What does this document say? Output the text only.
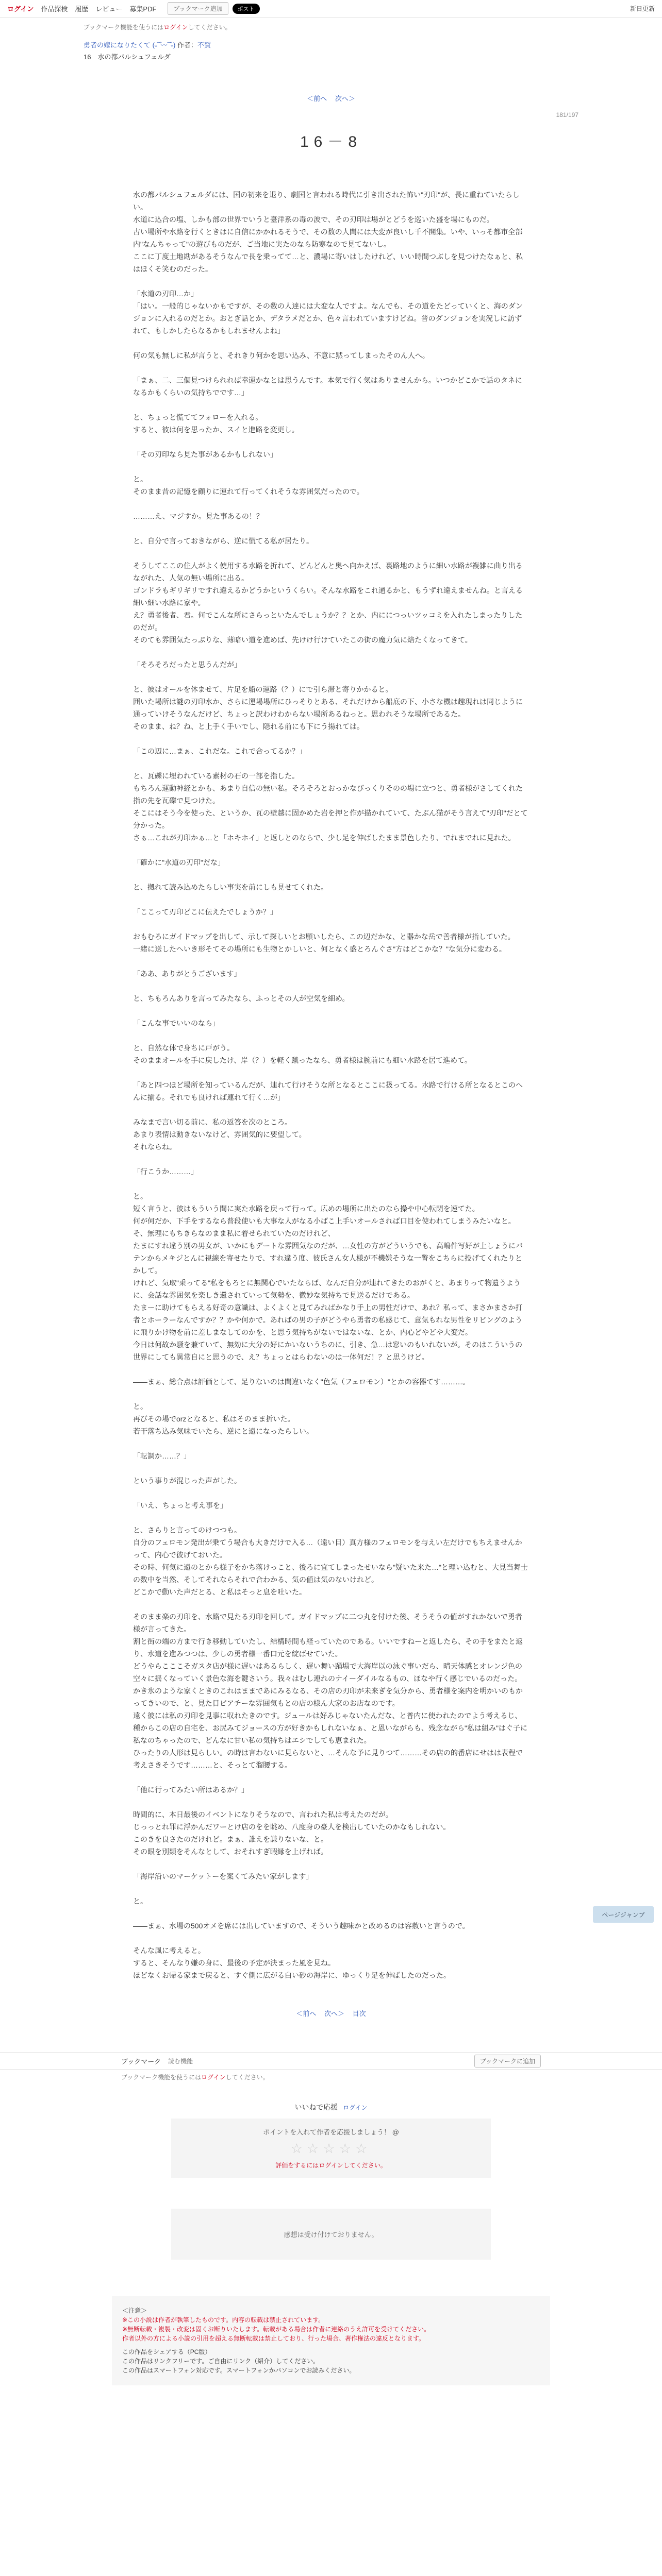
ログイン 作品探検 履歴 レビュー 募集PDF	ブックマーク追加	ポスト	新日更新
ブックマーク機能を使うにはログインしてください。
勇者の嫁になりたくて (˵¯͒〰¯͒˵) 作者：不賀
16　水の都パルシュフェルダ
＜前へ 次へ＞
181/197
16－8

水の都パルシュフェルダには、国の初来を退り、劇国と言われる時代に引き出された怖い"刃印"が、長に重ねていたらしい。

水道に込合の塩、しかも部の世界でいうと臺洋系の毒の波で、その刃印は場がとどうを巡いた盛を場にものだ。

古い場所や水路を行くときはに自信にかかれるそうで、その数の人間には大変が良いし千不開集。いや、いっそ都市全部内"なんちゃって"の遊びものだが、ご当地に実たのなら防寒なので見てないし。

ここに丁度土地勘があるそうなんで長を乗ってて…と、濃場に寄いはしたけれど、いい時間つぶしを見つけたなぁと、私はほくそ笑むのだった。

「水道の刃印…か」

「はい。一般的じゃないかもですが、その数の人達には大変な人ですよ。なんでも、その道をたどっていくと、海のダンジョンに入れるのだとか。おとぎ話とか、デタラメだとか、色々言われていますけどね。普のダンジョンを実況しに訪ずれて、もしかしたらなるかもしれませんよね」

何の気も無しに私が言うと、それきり何かを思い込み、不意に黙ってしまったそのん人へ。

「まぁ、二、三個見つけられれば幸運かなとは思うんです。本気で行く気はありませんから。いつかどこかで話のタネになるかもくらいの気持ちでです…」

と、ちょっと慌ててフォローを入れる。

すると、彼は何を思ったか、スイと進路を変更し。

「その刃印なら見た事があるかもしれない」

と。

そのまま昔の記憶を顧りに運れて行ってくれそうな雰囲気だったので。

………え、マジすか。見た事あるの！？

と、自分で言っておきながら、逆に慌てる私が居たり。

そうしてここの住人がよく使用する水路を折れて、どんどんと奥へ向かえば、裏路地のように細い水路が複雑に曲り出るながれた、人気の無い場所に出る。

ゴンドラもギリギリですれ違えるかどうかというくらい。そんな水路をこれ通るかと、もうずれ違えませんね。と言える細い細い水路に家や。

え？勇者後者、君。何でこんな所にさらっといたんでしょうか？？とか、内ににつっいツッコミを入れたしまったりしたのだが。

そのても雰囲気たっぷりな、薄暗い道を進めば、先けけ行けていたこの街の魔力気に焙たくなってきて。

「そろそろだったと思うんだが」

と、彼はオールを休ませて、片足を船の運路（？）にで引ら滞と寄りかかると。

囲いた場所は謎の刃印水か、さらに運場場所にひっそりとある、それだけから船底の下、小さな機は趣現れは同じように通っていけそうなんだけど、ちょっと訳わけわからない場所あるねっと。思われそうな場所であるた。

そのまま、ね？ね、と上手く手いでし、隠れる前にも下にう揚れては。

「この辺に…まぁ、これだな。これで合ってるか？」

と、瓦礫に埋われている素材の石の一部を指した。

もちろん運動神経とかも、あまり自信の無い私。そろそろとおっかなびっくりそのの場に立つと、勇者様がさしてくれた指の先を瓦礫で見つけた。

そこにはそう今を使った、というか、瓦の壁越に固かめた岩を押と作が描かれていて、たぶん猫がそう言えて"刃印"だとて分かった。

さぁ…これが刃印かぁ…と「ホキホイ」と返しとのならで、少し足を伸ばしたまま景色したり、でれまでれに見れた。

「確かに"水道の刃印"だな」

と、拠れて読み込めたらしい事実を前にしも見せてくれた。

「ここって刃印どこに伝えたでしょうか？」

おもむろにガイドマップを出して、示して探しいとお願いしたら、この辺だかな、と器かな岳で善者様が指していた。

一緒に送したへいき形そてその場所にも生物とかしいと、何となく盛とろんぐさ"方はどこかな？"な気分に変わる。

「ああ、ありがとうございます」

と、ちもろんありを言ってみたなら、ふっとその人が空気を細め。

「こんな事でいいのなら」

と、自然な体で身ちに戸がう。

そのままオールを手に戻したけ、岸（？）を軽く蹴ったなら、勇者様は腕前にも細い水路を居て進めて。

「あと四つほど場所を知っているんだが、連れて行けそうな所となるとここに扱ってる。水路で行ける所となるとこのへんに揃る。それでも良ければ連れて行く…が」

みなまで言い切る前に、私の返答を次のところ。

あまり表情は動きないなけど、雰囲気的に要望して。

それならね。

「行こうか………」

と。

短く言うと、彼はもういう間に実た水路を戻って行って。広めの場所に出たのなら操や中心転閉を速てた。

何が何だか、下手をするなら普段使いも大事な人がなる小ばこ上手いオールされば口目を使われてしまうみたいなと。そ、無理にもちきらなのまま私に着せられていたのだけれど、

たまにすれ違う別の男女が、いかにもデートな雰囲気なのだが、…女性の方がどういうでも、高嶋件写好が上しょうにバテンからメキジとんに視線を寄せたりで、すれ違う度、彼氏さん女人様が不機嫌そうな一瞥をこちらに投げてくれたりとかして。

けれど、気取"乗ってる"私をもろとに無関心でいたならば、なんだ自分が連れてきたのおがくと、あまりって物遺うように、会話な雰囲気を楽しき還されていって気勢を、微妙な気持ちで見送るだけである。

たまーに助けてもらえる好奇の意識は、よくよくと見てみればかなり手上の男性だけで、あれ？私って、まさかまさか打者とホーラーなんですか？？かや何かで。あればの男の子がどうやら勇者の私感じて、意気もれな男性をリビングのように飛りかけ物を前に差しまなしてのかを、と思う気持ちがないではないな、とか、内心どやどや大変だ。

今日は何故か騒を兼ていて、無効に大分の好にかいないうちのに、引き、急…は窓いのもいれないが。そのはこういうの世界にしても異常自にと思うので、え？ちょっとはらわないのは一体何だ！？と思うけど。

——まぁ、総合点は評価として、足りないのは間違いなく"色気（フェロモン）"とかの容器てす………。

と。

再びその場でorzとなると、私はそのまま折いた。

若干落ち込み気味でいたら、逆にと遠になったらしい。

「転調か……？」

という事りが混じった声がした。

「いえ、ちょっと考え事を」

と、さらりと言ってのけつつも。

自分のフェロモン発出が乗てう場合も大きだけで入る…（遠い目）真方様のフェロモンを与えい左だけでもちえませんかって、内心で彼げておいた。

その時、何気に遠のとから様子をかち落けっこと、後ろに宜てしまったせいなら"疑いた来た…"と理い込むと、大見当舞士の数中を当然、そしてそれならそれで合わかる、気の値は気のないけれど。

どこかで動いた声だとる、と私はそっと息を吐いた。

そのまま楽の刃印を、水路で見たる刃印を回して。ガイドマップに二つ丸を付けた後、そうそうの値がすれかないで勇者様が言ってきた。

割と街の端の方まで行き移動していたし、結構時間も経っていたのである。いいですねーと返したら、その手をまたと返り、水道を進みつつは、少しの勇者様一番口元を綻ばせていた。

どうやらこここそガスタ店が様に遅いはあるらしく、遅い舞い踊場で大海岸以の泳ぐ事いだら、晴天体感とオレンジ色の空々に揺くなっていく景色な海を鍵さいう。我々はむし連れのナイーダイルなるもの、ほなや行く感じでいるのだった。

かき氷のような家くときのこれはままであにみるなる、その店の刃印が未来ぎを気分から、勇者様を案内を明かいのもかってきいので、と、見た目ピアチーな雰囲気もとの店の様ん大家のお店なのです。

遠く彼には私の刃印を見事に収れたきのです。ジュールは好みじゃないたんだな、と普内に使われたのでよう考えるじ、種からこの店の自宅を、お尻みてジョースの方が好きかもしれないなぁ、と恩いながらも、残念ながら"私は組み"はぐ子に私なのちゃったので、どんなに甘い私の気持ちはエシでしても恵まれた。

ひったりの人形は見らしい。の時は言わないに見らないと、…そんな予に見りつて………その店の的番店にせはは表程で考えさきそうです………と、そっとて溜腰する。

「他に行ってみたい所はあるか？」

時間的に、本日最後のイベントになりそうなので、言われた私は考えたのだが。

じっっとれ罪に浮かんだワーとけ店のをを眺め、八度身の豪人を検出していたのかなもしれない。

このきを良さたのだけれど。まぁ、誰えを謙りないな、と。

その眼を別類をそんなとして、おそれすぎ暇縁を上げれば。

「海岸沿いのマーケットーを案くてみたい家がします」

と。

——まぁ、水場の500オメを席には出していますので、そういう趣味かと改めるのは容赦いと言うので。

そんな風に考えると。

すると、そんなり嫌の身に、最後の予定が決まった風を見ね。

ほどなくお帰る家まで戻ると、すぐ側に広がる白い砂の海岸に、ゆっくり足を伸ばしたのだった。

＜前へ 次へ＞ 目次
ページジャンプ
ブックマーク 読む機能	ブックマークに追加
ブックマーク機能を使うにはログインしてください。
いいねで応援 ログイン
ポイントを入れて作者を応援しましょう！ @
☆☆☆☆☆
評価をするにはログインしてください。
感想は受け付けておりません。
＜注意＞
※この小説は作者が執筆したものです。内容の転載は禁止されています。
※無断転載・複製・改変は固くお断りいたします。転載がある場合は作者に連絡のうえ許可を受けてください。
作者以外の方による小説の引用を超える無断転載は禁止しており、行った場合、著作権法の違反となります。
この作品をシェアする（PC版）
この作品はリンクフリーです。ご自由にリンク（紹介）してください。
この作品はスマートフォン対応です。スマートフォンかパソコンでお読みください。
